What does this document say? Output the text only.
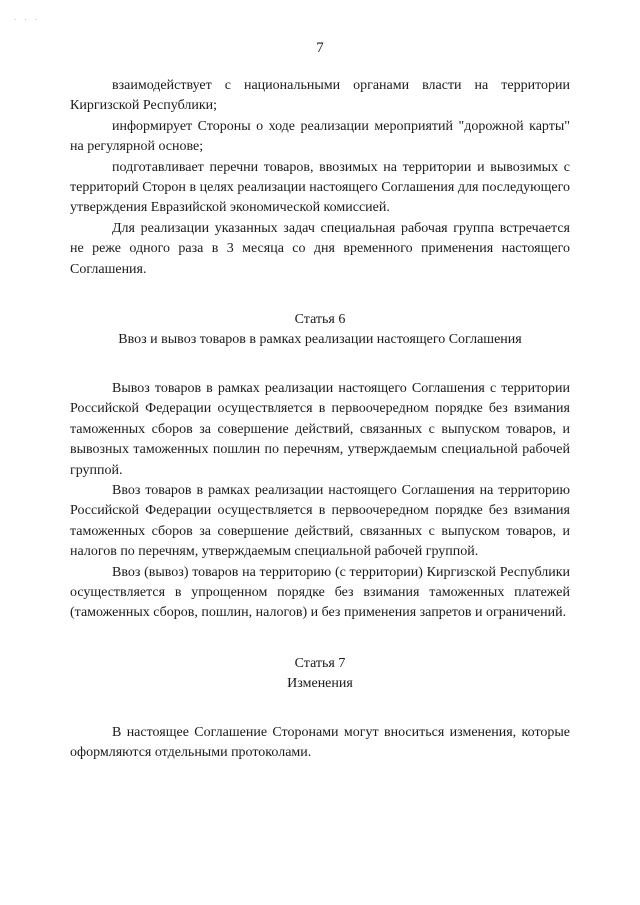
. . .
7

взаимодействует с национальными органами власти на территории Киргизской Республики;

информирует Стороны о ходе реализации мероприятий "дорожной карты" на регулярной основе;

подготавливает перечни товаров, ввозимых на территории и вывозимых с территорий Сторон в целях реализации настоящего Соглашения для последующего утверждения Евразийской экономической комиссией.

Для реализации указанных задач специальная рабочая группа встречается не реже одного раза в 3 месяца со дня временного применения настоящего Соглашения.

Статья 6
Ввоз и вывоз товаров в рамках реализации настоящего Соглашения

Вывоз товаров в рамках реализации настоящего Соглашения с территории Российской Федерации осуществляется в первоочередном порядке без взимания таможенных сборов за совершение действий, связанных с выпуском товаров, и вывозных таможенных пошлин по перечням, утверждаемым специальной рабочей группой.

Ввоз товаров в рамках реализации настоящего Соглашения на территорию Российской Федерации осуществляется в первоочередном порядке без взимания таможенных сборов за совершение действий, связанных с выпуском товаров, и налогов по перечням, утверждаемым специальной рабочей группой.

Ввоз (вывоз) товаров на территорию (с территории) Киргизской Республики осуществляется в упрощенном порядке без взимания таможенных платежей (таможенных сборов, пошлин, налогов) и без применения запретов и ограничений.

Статья 7
Изменения

В настоящее Соглашение Сторонами могут вноситься изменения, которые оформляются отдельными протоколами.
